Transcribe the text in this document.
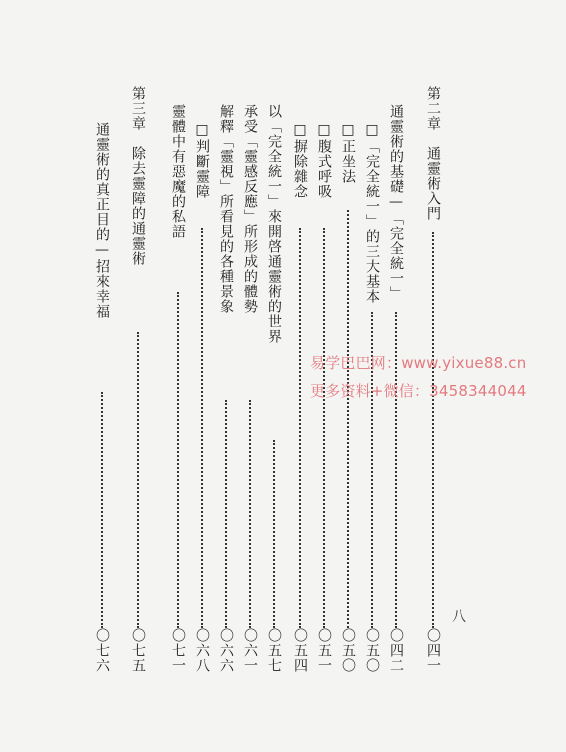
第二章　通靈術入門
〇四一
通靈術的基礎—「完全統一」
〇四二
□「完全統一」的三大基本
〇五〇
□正坐法
〇五〇
□腹式呼吸
〇五一
□摒除雜念
〇五四
以「完全統一」來開啓通靈術的世界
〇五七
承受「靈感反應」所形成的體勢
〇六一
解釋「靈視」所看見的各種景象
〇六六
□判斷靈障
〇六八
靈體中有惡魔的私語
〇七一
第三章　除去靈障的通靈術
〇七五
通靈術的真正目的—招來幸福
〇七六
八
易学巴巴网：www.yixue88.cn
更多资料+微信：3458344044
